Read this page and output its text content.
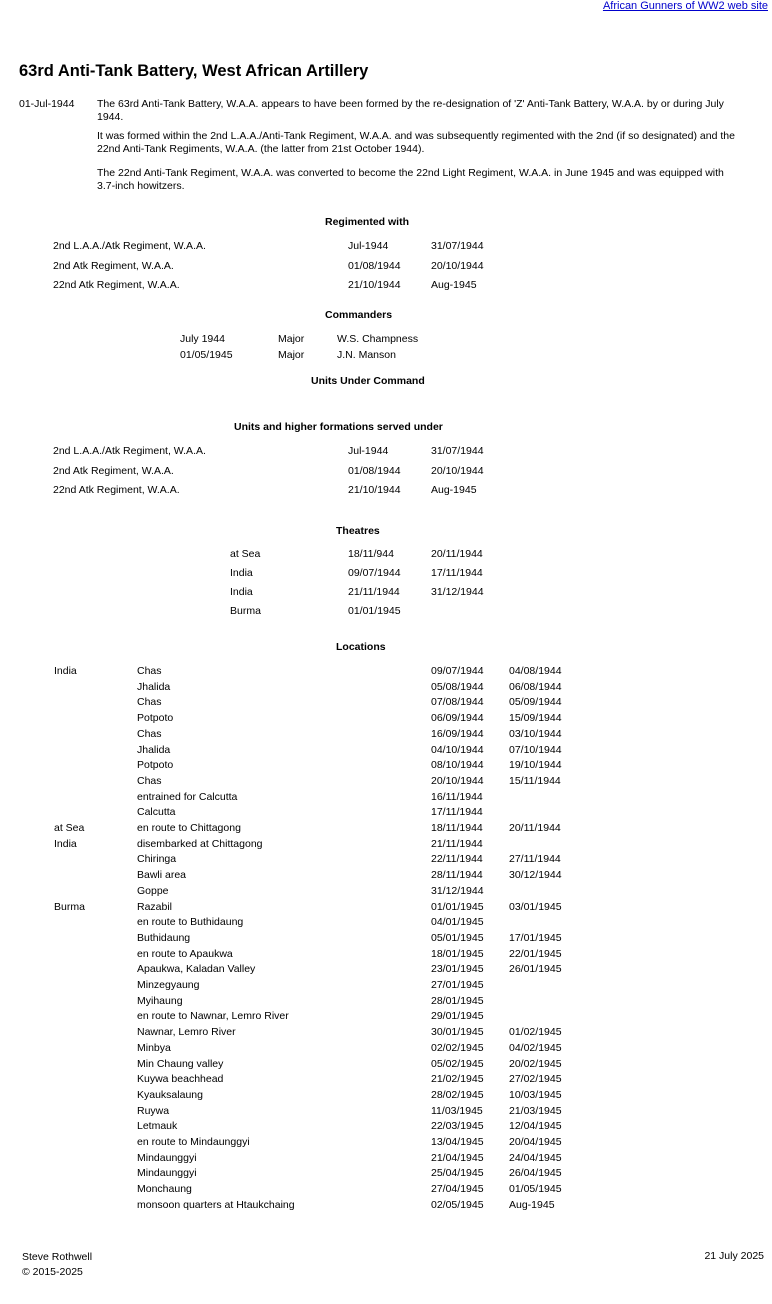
African Gunners of WW2 web site
63rd Anti-Tank Battery, West African Artillery
01-Jul-1944 The 63rd Anti-Tank Battery, W.A.A. appears to have been formed by the re-designation of 'Z' Anti-Tank Battery, W.A.A. by or during July 1944.
It was formed within the 2nd L.A.A./Anti-Tank Regiment, W.A.A. and was subsequently regimented with the 2nd (if so designated) and the 22nd Anti-Tank Regiments, W.A.A. (the latter from 21st October 1944).
The 22nd Anti-Tank Regiment, W.A.A. was converted to become the 22nd Light Regiment, W.A.A. in June 1945 and was equipped with 3.7-inch howitzers.
Regimented with
2nd L.A.A./Atk Regiment, W.A.A.	Jul-1944	31/07/1944
2nd Atk Regiment, W.A.A.	01/08/1944	20/10/1944
22nd Atk Regiment, W.A.A.	21/10/1944	Aug-1945
Commanders
July 1944	Major	W.S. Champness
01/05/1945	Major	J.N. Manson
Units Under Command
Units and higher formations served under
2nd L.A.A./Atk Regiment, W.A.A.	Jul-1944	31/07/1944
2nd Atk Regiment, W.A.A.	01/08/1944	20/10/1944
22nd Atk Regiment, W.A.A.	21/10/1944	Aug-1945
Theatres
at Sea	18/11/944	20/11/1944
India	09/07/1944	17/11/1944
India	21/11/1944	31/12/1944
Burma	01/01/1945
Locations
India	Chas	09/07/1944 04/08/1944
Jhalida	05/08/1944 06/08/1944
Chas	07/08/1944 05/09/1944
Potpoto	06/09/1944 15/09/1944
Chas	16/09/1944 03/10/1944
Jhalida	04/10/1944 07/10/1944
Potpoto	08/10/1944 19/10/1944
Chas	20/10/1944 15/11/1944
entrained for Calcutta	16/11/1944
Calcutta	17/11/1944
at Sea	en route to Chittagong	18/11/1944 20/11/1944
India	disembarked at Chittagong	21/11/1944
Chiringa	22/11/1944 27/11/1944
Bawli area	28/11/1944 30/12/1944
Goppe	31/12/1944
Burma	Razabil	01/01/1945 03/01/1945
en route to Buthidaung	04/01/1945
Buthidaung	05/01/1945 17/01/1945
en route to Apaukwa	18/01/1945 22/01/1945
Apaukwa, Kaladan Valley	23/01/1945 26/01/1945
Minzegyaung	27/01/1945
Myihaung	28/01/1945
en route to Nawnar, Lemro River	29/01/1945
Nawnar, Lemro River	30/01/1945 01/02/1945
Minbya	02/02/1945 04/02/1945
Min Chaung valley	05/02/1945 20/02/1945
Kuywa beachhead	21/02/1945 27/02/1945
Kyauksalaung	28/02/1945 10/03/1945
Ruywa	11/03/1945 21/03/1945
Letmauk	22/03/1945 12/04/1945
en route to Mindaunggyi	13/04/1945 20/04/1945
Mindaunggyi	21/04/1945 24/04/1945
Mindaunggyi	25/04/1945 26/04/1945
Monchaung	27/04/1945 01/05/1945
monsoon quarters at Htaukchaing	02/05/1945 Aug-1945
Steve Rothwell
© 2015-2025
21 July 2025
